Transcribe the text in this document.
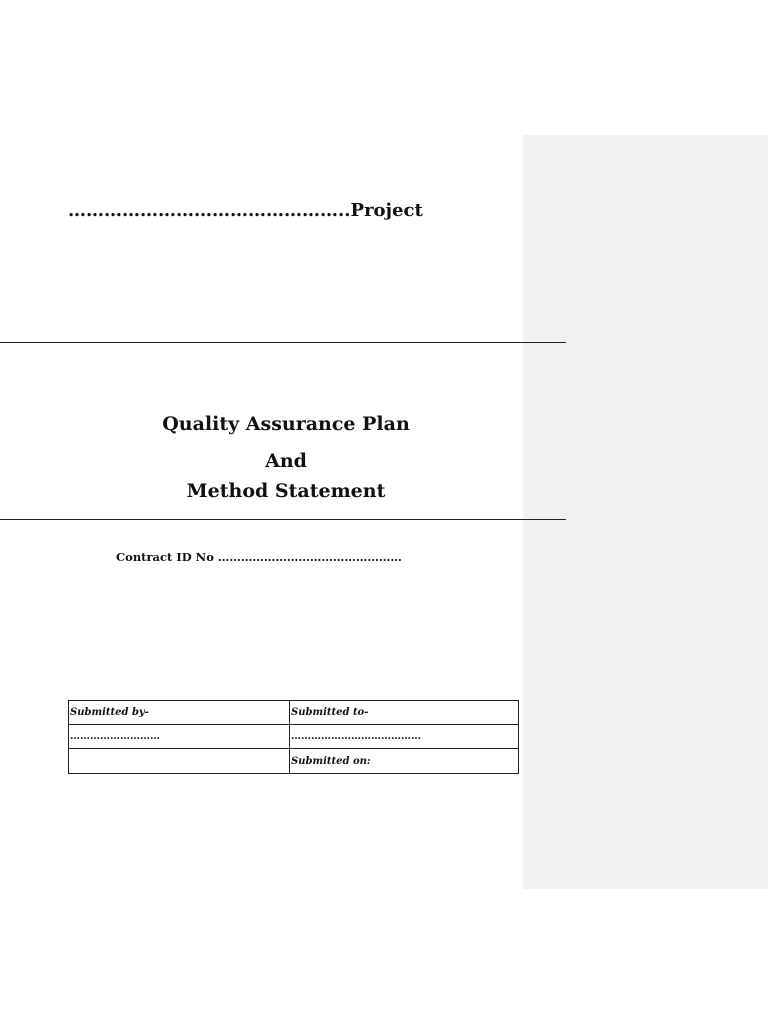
………………………………………..Project
Quality Assurance Plan
And
Method Statement
Contract ID No …………………………………………
Submitted by-	Submitted to-
………………………	…………………………………
	Submitted on:
